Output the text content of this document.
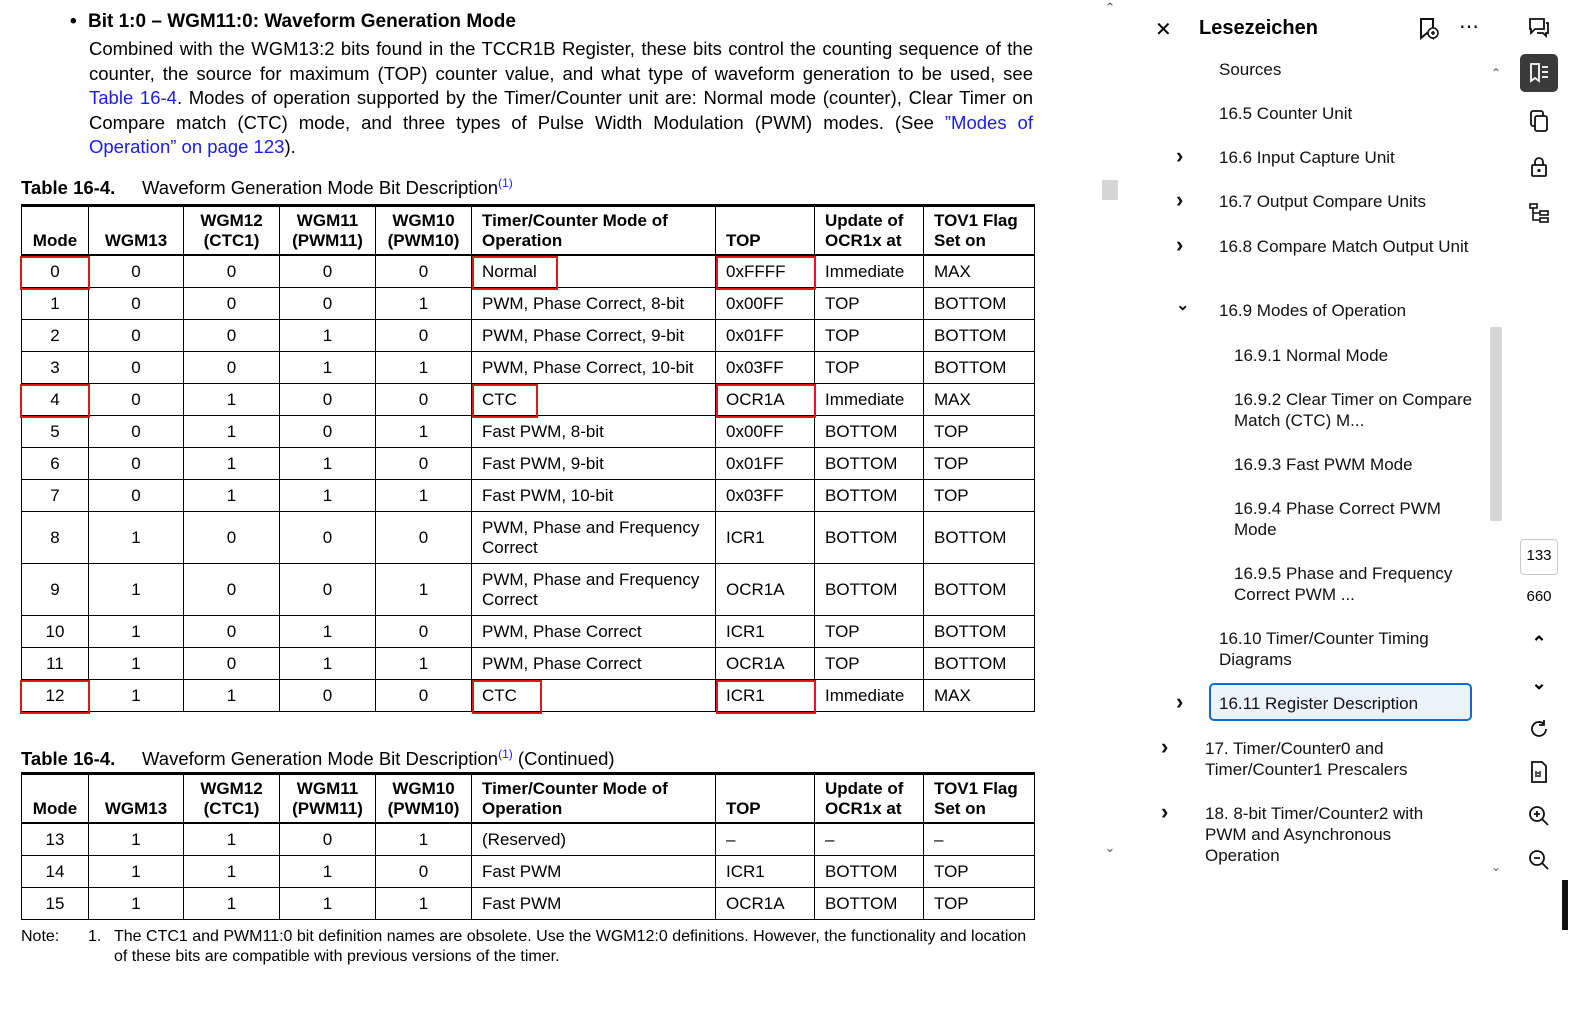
• Bit 1:0 – WGM11:0: Waveform Generation Mode
Combined with the WGM13:2 bits found in the TCCR1B Register, these bits control the counting sequence of the counter, the source for maximum (TOP) counter value, and what type of waveform generation to be used, see Table 16-4. Modes of operation supported by the Timer/Counter unit are: Normal mode (counter), Clear Timer on Compare match (CTC) mode, and three types of Pulse Width Modulation (PWM) modes. (See ”Modes of Operation” on page 123).
Table 16-4. Waveform Generation Mode Bit Description$^{(1)}$
Mode	WGM13	WGM12 (CTC1)	WGM11 (PWM11)	WGM10 (PWM10)	Timer/Counter Mode of Operation	TOP	Update of OCR1x at	TOV1 Flag Set on
0	0	0	0	0	Normal	0xFFFF	Immediate	MAX
1	0	0	0	1	PWM, Phase Correct, 8-bit	0x00FF	TOP	BOTTOM
2	0	0	1	0	PWM, Phase Correct, 9-bit	0x01FF	TOP	BOTTOM
3	0	0	1	1	PWM, Phase Correct, 10-bit	0x03FF	TOP	BOTTOM
4	0	1	0	0	CTC	OCR1A	Immediate	MAX
5	0	1	0	1	Fast PWM, 8-bit	0x00FF	BOTTOM	TOP
6	0	1	1	0	Fast PWM, 9-bit	0x01FF	BOTTOM	TOP
7	0	1	1	1	Fast PWM, 10-bit	0x03FF	BOTTOM	TOP
8	1	0	0	0	PWM, Phase and Frequency Correct	ICR1	BOTTOM	BOTTOM
9	1	0	0	1	PWM, Phase and Frequency Correct	OCR1A	BOTTOM	BOTTOM
10	1	0	1	0	PWM, Phase Correct	ICR1	TOP	BOTTOM
11	1	0	1	1	PWM, Phase Correct	OCR1A	TOP	BOTTOM
12	1	1	0	0	CTC	ICR1	Immediate	MAX
Table 16-4. Waveform Generation Mode Bit Description$^{(1)}$ (Continued)
Mode	WGM13	WGM12 (CTC1)	WGM11 (PWM11)	WGM10 (PWM10)	Timer/Counter Mode of Operation	TOP	Update of OCR1x at	TOV1 Flag Set on
13	1	1	0	1	(Reserved)	–	–	–
14	1	1	1	0	Fast PWM	ICR1	BOTTOM	TOP
15	1	1	1	1	Fast PWM	OCR1A	BOTTOM	TOP
Note: 1. The CTC1 and PWM11:0 bit definition names are obsolete. Use the WGM12:0 definitions. However, the functionality and location of these bits are compatible with previous versions of the timer.
⌃
⌄
✕ Lesezeichen	⋯
Sources
16.5 Counter Unit
16.6 Input Capture Unit
›
16.7 Output Compare Units
›
16.8 Compare Match Output Unit
›
16.9 Modes of Operation
⌄
16.9.1 Normal Mode
16.9.2 Clear Timer on Compare Match (CTC) M...
16.9.3 Fast PWM Mode
16.9.4 Phase Correct PWM Mode
16.9.5 Phase and Frequency Correct PWM ...
16.10 Timer/Counter Timing Diagrams
16.11 Register Description
›
17. Timer/Counter0 and Timer/Counter1 Prescalers
›
18. 8-bit Timer/Counter2 with PWM and Asynchronous Operation
›
⌃
⌄
133
660
⌃
⌄
